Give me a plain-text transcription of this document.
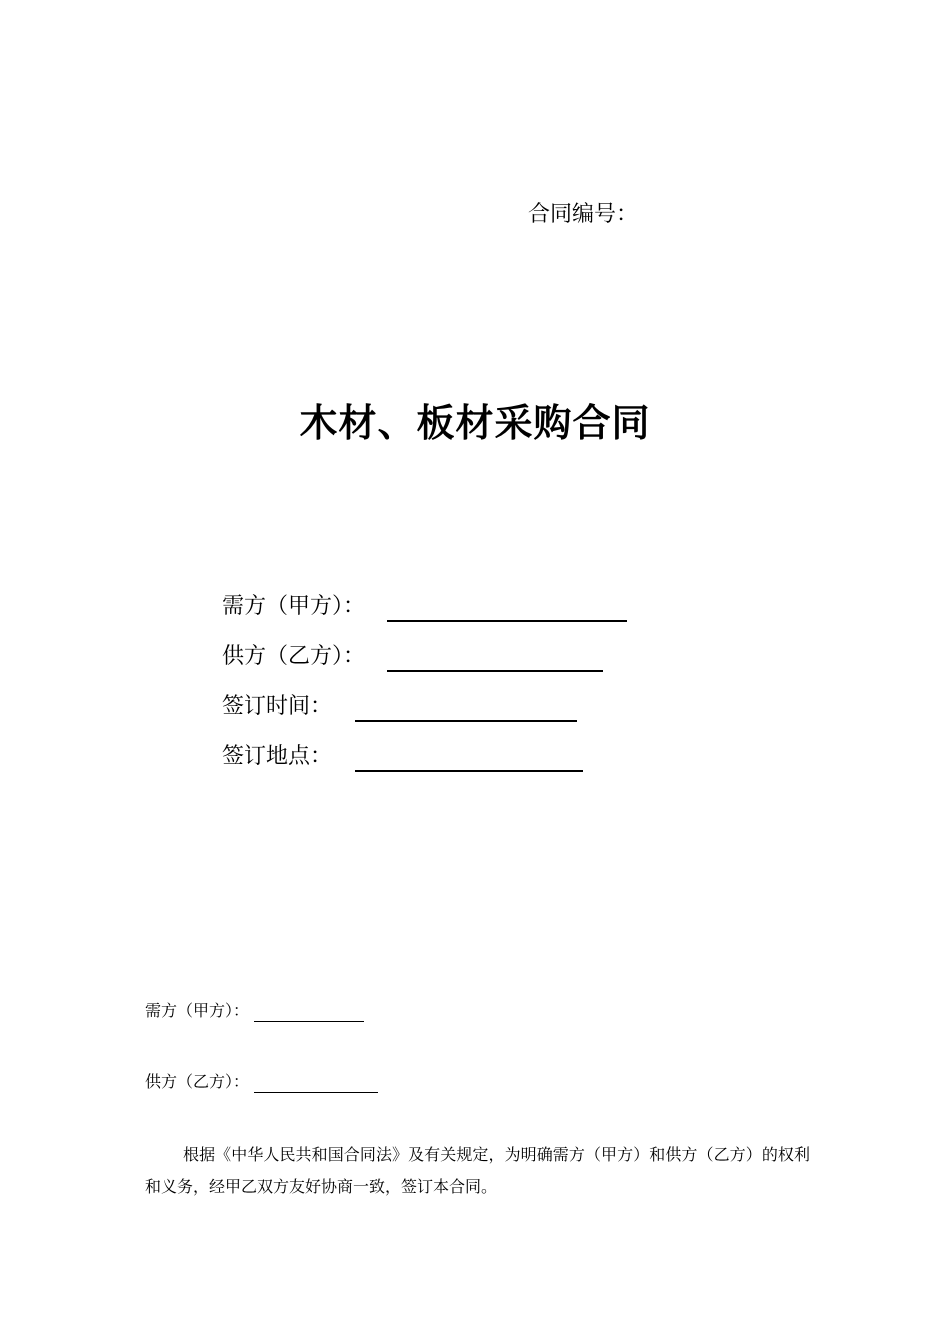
合同编号：
木材、板材采购合同
需方（甲方）：
供方（乙方）：
签订时间：
签订地点：
需方（甲方）：
供方（乙方）：
根据《中华人民共和国合同法》及有关规定，为明确需方（甲方）和供方（乙方）的权利和义务，经甲乙双方友好协商一致，签订本合同。
